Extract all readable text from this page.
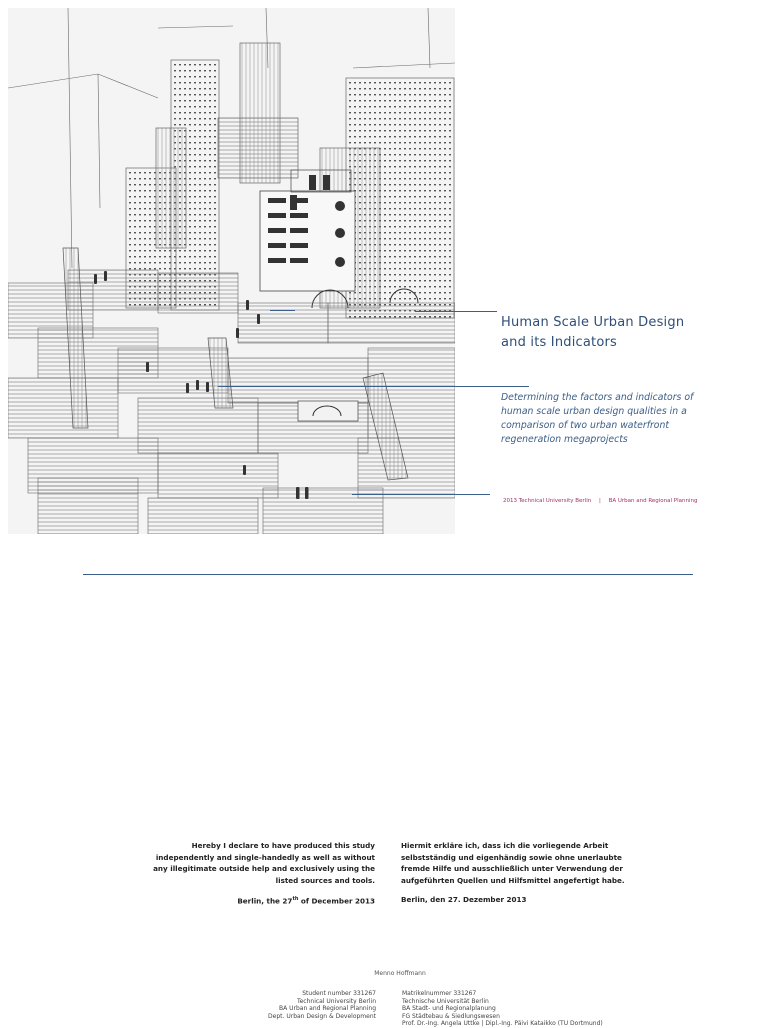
Human Scale Urban Design
and its Indicators

Determining the factors and indicators of human scale urban design qualities in a comparison of two urban waterfront regeneration megaprojects

2013 Technical University Berlin | BA Urban and Regional Planning

Hereby I declare to have produced this study independently and single-handedly as well as without any illegitimate outside help and exclusively using the listed sources and tools.

Berlin, the 27th of December 2013

Hiermit erkläre ich, dass ich die vorliegende Arbeit selbstständig und eigenhändig sowie ohne unerlaubte fremde Hilfe und ausschließlich unter Verwendung der aufgeführten Quellen und Hilfsmittel angefertigt habe.

Berlin, den 27. Dezember 2013

Menno Hoffmann
Student number 331267
Technical University Berlin
BA Urban and Regional Planning
Dept. Urban Design & Development
Matrikelnummer 331267
Technische Universität Berlin
BA Stadt- und Regionalplanung
FG Städtebau & Siedlungswesen
Prof. Dr.-Ing. Angela Uttke | Dipl.-Ing. Päivi Kataikko (TU Dortmund)
